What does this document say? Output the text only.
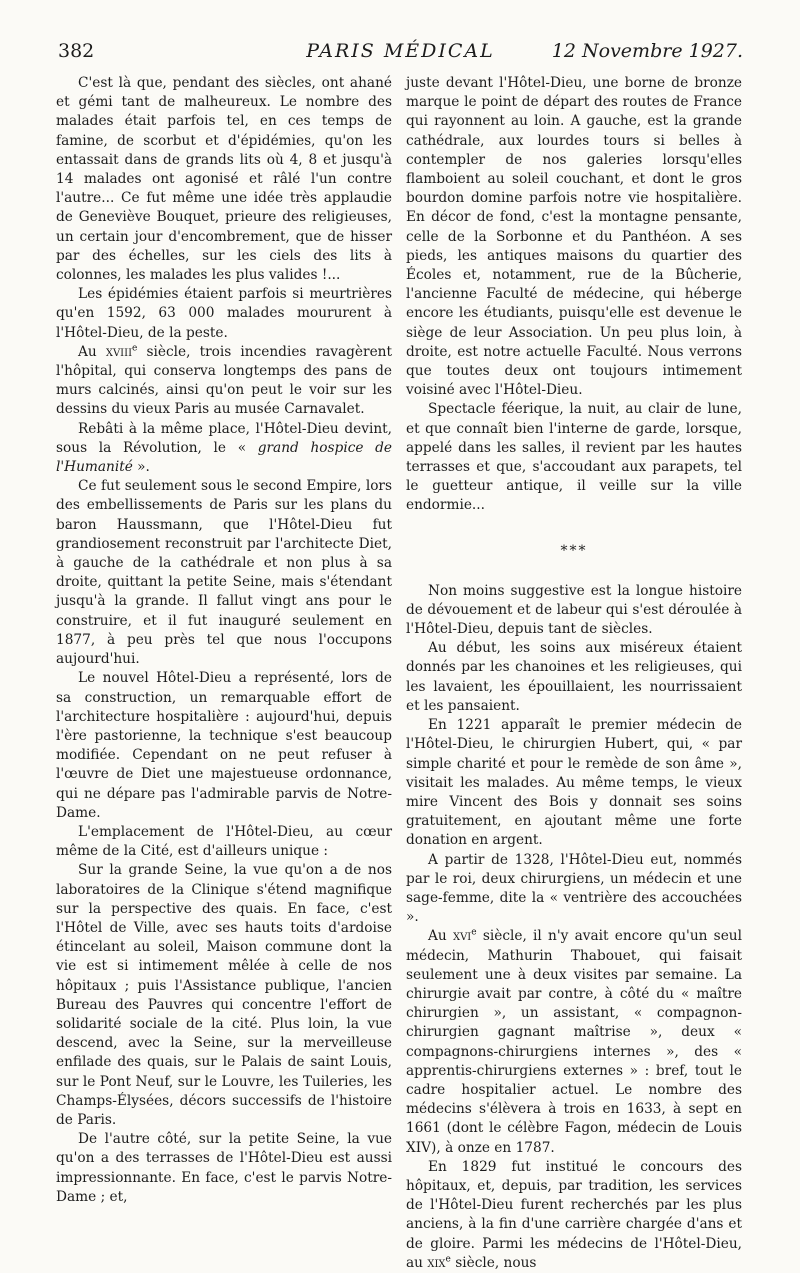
382	PARIS MÉDICAL	12 Novembre 1927.

C'est là que, pendant des siècles, ont ahané et gémi tant de malheureux. Le nombre des malades était parfois tel, en ces temps de famine, de scorbut et d'épidémies, qu'on les entassait dans de grands lits où 4, 8 et jusqu'à 14 malades ont agonisé et râlé l'un contre l'autre... Ce fut même une idée très applaudie de Geneviève Bouquet, prieure des religieuses, un certain jour d'encombrement, que de hisser par des échelles, sur les ciels des lits à colonnes, les malades les plus valides !...

Les épidémies étaient parfois si meurtrières qu'en 1592, 63 000 malades moururent à l'Hôtel-Dieu, de la peste.

Au xviii$^e$ siècle, trois incendies ravagèrent l'hôpital, qui conserva longtemps des pans de murs calcinés, ainsi qu'on peut le voir sur les dessins du vieux Paris au musée Carnavalet.

Rebâti à la même place, l'Hôtel-Dieu devint, sous la Révolution, le « grand hospice de l'Humanité ».

Ce fut seulement sous le second Empire, lors des embellissements de Paris sur les plans du baron Haussmann, que l'Hôtel-Dieu fut grandiosement reconstruit par l'architecte Diet, à gauche de la cathédrale et non plus à sa droite, quittant la petite Seine, mais s'étendant jusqu'à la grande. Il fallut vingt ans pour le construire, et il fut inauguré seulement en 1877, à peu près tel que nous l'occupons aujourd'hui.

Le nouvel Hôtel-Dieu a représenté, lors de sa construction, un remarquable effort de l'architecture hospitalière : aujourd'hui, depuis l'ère pastorienne, la technique s'est beaucoup modifiée. Cependant on ne peut refuser à l'œuvre de Diet une majestueuse ordonnance, qui ne dépare pas l'admirable parvis de Notre-Dame.

L'emplacement de l'Hôtel-Dieu, au cœur même de la Cité, est d'ailleurs unique :

Sur la grande Seine, la vue qu'on a de nos laboratoires de la Clinique s'étend magnifique sur la perspective des quais. En face, c'est l'Hôtel de Ville, avec ses hauts toits d'ardoise étincelant au soleil, Maison commune dont la vie est si intimement mêlée à celle de nos hôpitaux ; puis l'Assistance publique, l'ancien Bureau des Pauvres qui concentre l'effort de solidarité sociale de la cité. Plus loin, la vue descend, avec la Seine, sur la merveilleuse enfilade des quais, sur le Palais de saint Louis, sur le Pont Neuf, sur le Louvre, les Tuileries, les Champs-Élysées, décors successifs de l'histoire de Paris.

De l'autre côté, sur la petite Seine, la vue qu'on a des terrasses de l'Hôtel-Dieu est aussi impressionnante. En face, c'est le parvis Notre-Dame ; et,

juste devant l'Hôtel-Dieu, une borne de bronze marque le point de départ des routes de France qui rayonnent au loin. A gauche, est la grande cathédrale, aux lourdes tours si belles à contempler de nos galeries lorsqu'elles flamboient au soleil couchant, et dont le gros bourdon domine parfois notre vie hospitalière. En décor de fond, c'est la montagne pensante, celle de la Sorbonne et du Panthéon. A ses pieds, les antiques maisons du quartier des Écoles et, notamment, rue de la Bûcherie, l'ancienne Faculté de médecine, qui héberge encore les étudiants, puisqu'elle est devenue le siège de leur Association. Un peu plus loin, à droite, est notre actuelle Faculté. Nous verrons que toutes deux ont toujours intimement voisiné avec l'Hôtel-Dieu.

Spectacle féerique, la nuit, au clair de lune, et que connaît bien l'interne de garde, lorsque, appelé dans les salles, il revient par les hautes terrasses et que, s'accoudant aux parapets, tel le guetteur antique, il veille sur la ville endormie...

***

Non moins suggestive est la longue histoire de dévouement et de labeur qui s'est déroulée à l'Hôtel-Dieu, depuis tant de siècles.

Au début, les soins aux miséreux étaient donnés par les chanoines et les religieuses, qui les lavaient, les épouillaient, les nourrissaient et les pansaient.

En 1221 apparaît le premier médecin de l'Hôtel-Dieu, le chirurgien Hubert, qui, « par simple charité et pour le remède de son âme », visitait les malades. Au même temps, le vieux mire Vincent des Bois y donnait ses soins gratuitement, en ajoutant même une forte donation en argent.

A partir de 1328, l'Hôtel-Dieu eut, nommés par le roi, deux chirurgiens, un médecin et une sage-femme, dite la « ventrière des accouchées ».

Au xvi$^e$ siècle, il n'y avait encore qu'un seul médecin, Mathurin Thabouet, qui faisait seulement une à deux visites par semaine. La chirurgie avait par contre, à côté du « maître chirurgien », un assistant, « compagnon-chirurgien gagnant maîtrise », deux « compagnons-chirurgiens internes », des « apprentis-chirurgiens externes » : bref, tout le cadre hospitalier actuel. Le nombre des médecins s'élèvera à trois en 1633, à sept en 1661 (dont le célèbre Fagon, médecin de Louis XIV), à onze en 1787.

En 1829 fut institué le concours des hôpitaux, et, depuis, par tradition, les services de l'Hôtel-Dieu furent recherchés par les plus anciens, à la fin d'une carrière chargée d'ans et de gloire. Parmi les médecins de l'Hôtel-Dieu, au xix$^e$ siècle, nous
